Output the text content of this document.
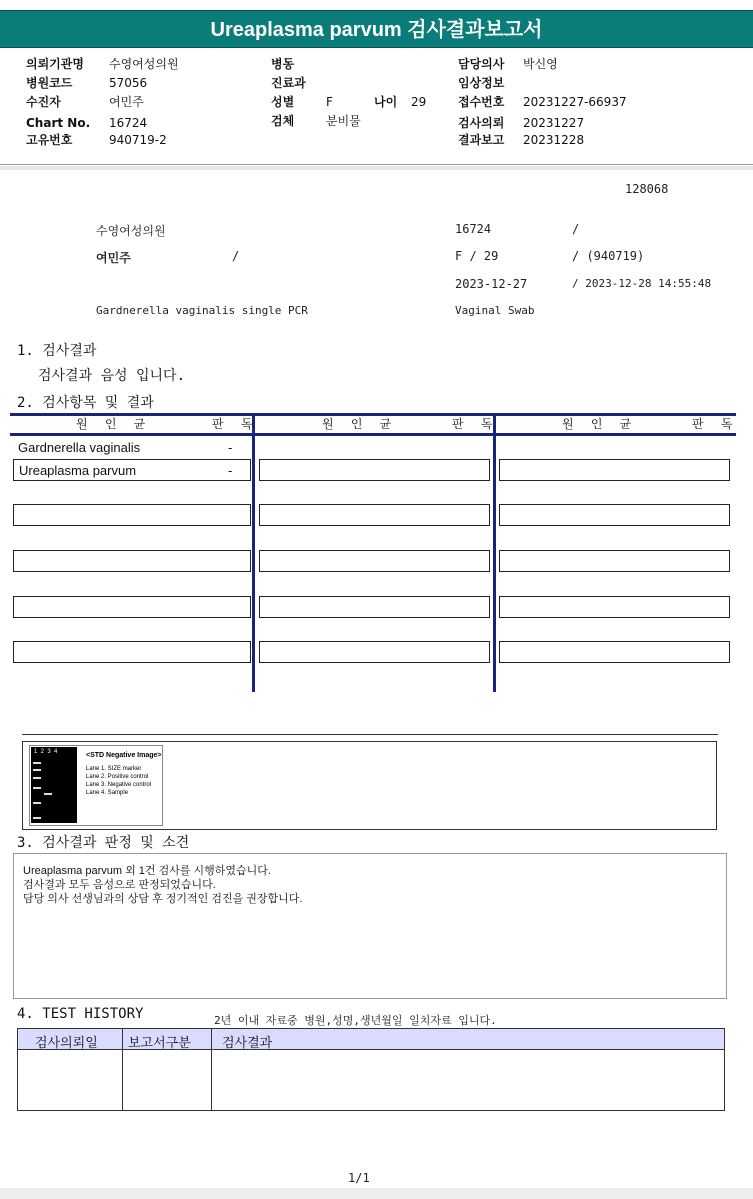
Ureaplasma parvum 검사결과보고서
의뢰기관명 수영여성의원
병원코드	57056
수진자	여민주
Chart No. 16724
고유번호	940719-2
병동
진료과
성별	F	나이 29
검체	분비물
담당의사 박신영
임상정보
접수번호 20231227-66937
검사의뢰 20231227
결과보고 20231228
128068
수영여성의원	16724	/
여민주	/	F / 29	/ (940719)
2023-12-27	/ 2023-12-28 14:55:48
Gardnerella vaginalis single PCR	Vaginal Swab
1. 검사결과
검사결과 음성 입니다.
2. 검사항목 및 결과
원 인 균	판 독	원 인 균	판 독	원 인 균	판 독
Gardnerella vaginalis	-
Ureaplasma parvum	-
1  2  3  4	<STD Negative Image>
Lane 1. SIZE marker
Lane 2. Positive control
Lane 3. Negative control
Lane 4. Sample
3. 검사결과 판정 및 소견
Ureaplasma parvum 외 1건 검사를 시행하였습니다.
검사결과 모두 음성으로 판정되었습니다.
담당 의사 선생님과의 상담 후 정기적인 검진을 권장합니다.
4. TEST HISTORY	2년 이내 자료중 병원,성명,생년월일 일치자료 입니다.
검사의뢰일 보고서구분 검사결과
1/1
